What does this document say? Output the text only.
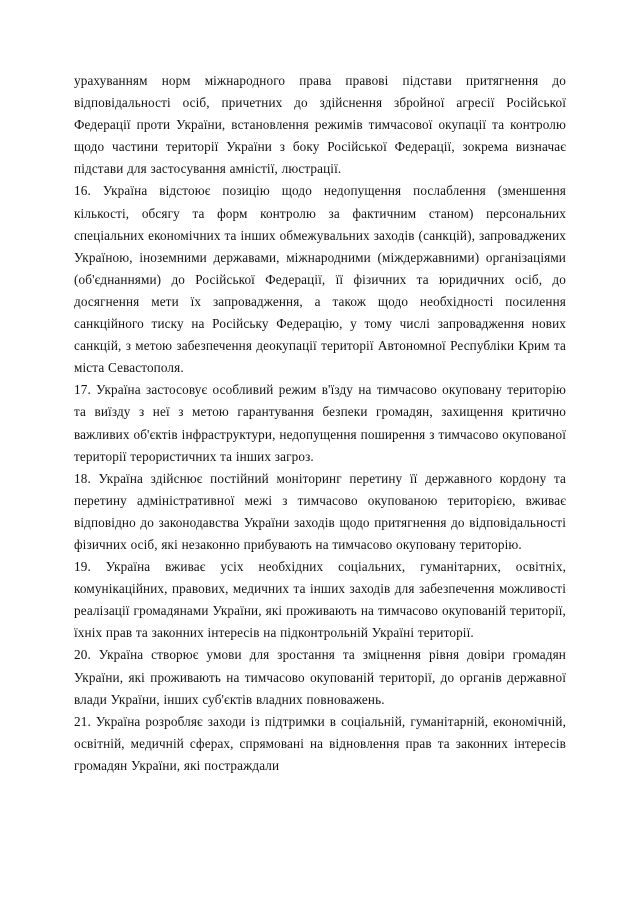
урахуванням норм міжнародного права правові підстави притягнення до відповідальності осіб, причетних до здійснення збройної агресії Російської Федерації проти України, встановлення режимів тимчасової окупації та контролю щодо частини території України з боку Російської Федерації, зокрема визначає підстави для застосування амністії, люстрації.

16. Україна відстоює позицію щодо недопущення послаблення (зменшення кількості, обсягу та форм контролю за фактичним станом) персональних спеціальних економічних та інших обмежувальних заходів (санкцій), запроваджених Україною, іноземними державами, міжнародними (міждержавними) організаціями (об'єднаннями) до Російської Федерації, її фізичних та юридичних осіб, до досягнення мети їх запровадження, а також щодо необхідності посилення санкційного тиску на Російську Федерацію, у тому числі запровадження нових санкцій, з метою забезпечення деокупації території Автономної Республіки Крим та міста Севастополя.

17. Україна застосовує особливий режим в'їзду на тимчасово окуповану територію та виїзду з неї з метою гарантування безпеки громадян, захищення критично важливих об'єктів інфраструктури, недопущення поширення з тимчасово окупованої території терористичних та інших загроз.

18. Україна здійснює постійний моніторинг перетину її державного кордону та перетину адміністративної межі з тимчасово окупованою територією, вживає відповідно до законодавства України заходів щодо притягнення до відповідальності фізичних осіб, які незаконно прибувають на тимчасово окуповану територію.

19. Україна вживає усіх необхідних соціальних, гуманітарних, освітніх, комунікаційних, правових, медичних та інших заходів для забезпечення можливості реалізації громадянами України, які проживають на тимчасово окупованій території, їхніх прав та законних інтересів на підконтрольній Україні території.

20. Україна створює умови для зростання та зміцнення рівня довіри громадян України, які проживають на тимчасово окупованій території, до органів державної влади України, інших суб'єктів владних повноважень.

21. Україна розробляє заходи із підтримки в соціальній, гуманітарній, економічній, освітній, медичній сферах, спрямовані на відновлення прав та законних інтересів громадян України, які постраждали
